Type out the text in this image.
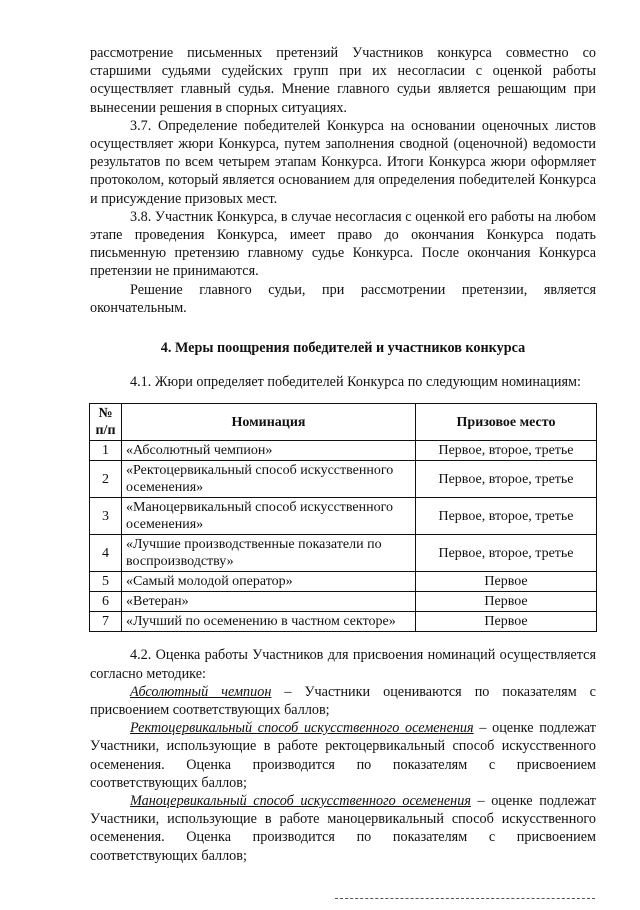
рассмотрение письменных претензий Участников конкурса совместно со старшими судьями судейских групп при их несогласии с оценкой работы осуществляет главный судья. Мнение главного судьи является решающим при вынесении решения в спорных ситуациях.

3.7. Определение победителей Конкурса на основании оценочных листов осуществляет жюри Конкурса, путем заполнения сводной (оценочной) ведомости результатов по всем четырем этапам Конкурса. Итоги Конкурса жюри оформляет протоколом, который является основанием для определения победителей Конкурса и присуждение призовых мест.

3.8. Участник Конкурса, в случае несогласия с оценкой его работы на любом этапе проведения Конкурса, имеет право до окончания Конкурса подать письменную претензию главному судье Конкурса. После окончания Конкурса претензии не принимаются.

Решение главного судьи, при рассмотрении претензии, является окончательным.

4. Меры поощрения победителей и участников конкурса

4.1. Жюри определяет победителей Конкурса по следующим номинациям:

№ п/п	Номинация	Призовое место
1	«Абсолютный чемпион»	Первое, второе, третье
2	«Ректоцервикальный способ искусственного осеменения»	Первое, второе, третье
3	«Маноцервикальный способ искусственного осеменения»	Первое, второе, третье
4	«Лучшие производственные показатели по воспроизводству»	Первое, второе, третье
5	«Самый молодой оператор»	Первое
6	«Ветеран»	Первое
7	«Лучший по осеменению в частном секторе»	Первое

4.2. Оценка работы Участников для присвоения номинаций осуществляется согласно методике:

Абсолютный чемпион – Участники оцениваются по показателям с присвоением соответствующих баллов;

Ректоцервикальный способ искусственного осеменения – оценке подлежат Участники, использующие в работе ректоцервикальный способ искусственного осеменения. Оценка производится по показателям с присвоением соответствующих баллов;

Маноцервикальный способ искусственного осеменения – оценке подлежат Участники, использующие в работе маноцервикальный способ искусственного осеменения. Оценка производится по показателям с присвоением соответствующих баллов;
